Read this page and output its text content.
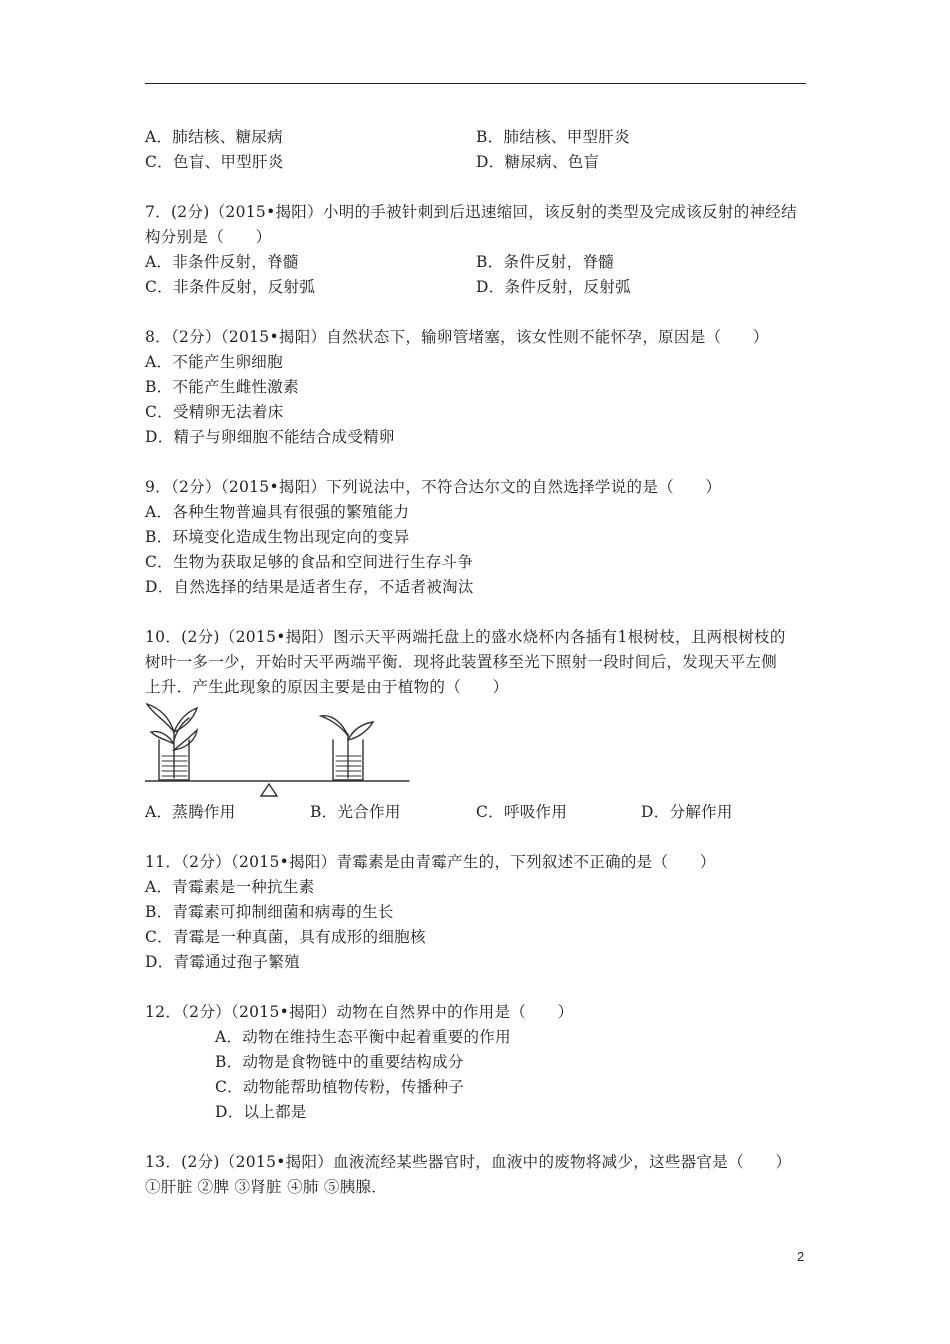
A．肺结核、糖尿病	B．肺结核、甲型肝炎
C．色盲、甲型肝炎	D．糖尿病、色盲
7．(2分)（2015•揭阳）小明的手被针刺到后迅速缩回，该反射的类型及完成该反射的神经结
构分别是（　　）
A．非条件反射，脊髓	B．条件反射，脊髓
C．非条件反射，反射弧	D．条件反射，反射弧
8．（2分）（2015•揭阳）自然状态下，输卵管堵塞，该女性则不能怀孕，原因是（　　）
A．不能产生卵细胞
B．不能产生雌性激素
C．受精卵无法着床
D．精子与卵细胞不能结合成受精卵
9．（2分）（2015•揭阳）下列说法中，不符合达尔文的自然选择学说的是（　　）
A．各种生物普遍具有很强的繁殖能力
B．环境变化造成生物出现定向的变异
C．生物为获取足够的食品和空间进行生存斗争
D．自然选择的结果是适者生存，不适者被淘汰
10．(2分)（2015•揭阳）图示天平两端托盘上的盛水烧杯内各插有1根树枝，且两根树枝的
树叶一多一少，开始时天平两端平衡．现将此装置移至光下照射一段时间后，发现天平左侧
上升．产生此现象的原因主要是由于植物的（　　）
A．蒸腾作用	B．光合作用	C．呼吸作用	D．分解作用
11．（2分）（2015•揭阳）青霉素是由青霉产生的，下列叙述不正确的是（　　）
A．青霉素是一种抗生素
B．青霉素可抑制细菌和病毒的生长
C．青霉是一种真菌，具有成形的细胞核
D．青霉通过孢子繁殖
12．（2分）（2015•揭阳）动物在自然界中的作用是（　　）
A．动物在维持生态平衡中起着重要的作用
B．动物是食物链中的重要结构成分
C．动物能帮助植物传粉，传播种子
D．以上都是
13．(2分)（2015•揭阳）血液流经某些器官时，血液中的废物将减少，这些器官是（　　）
①肝脏 ②脾 ③肾脏 ④肺 ⑤胰腺．
2
